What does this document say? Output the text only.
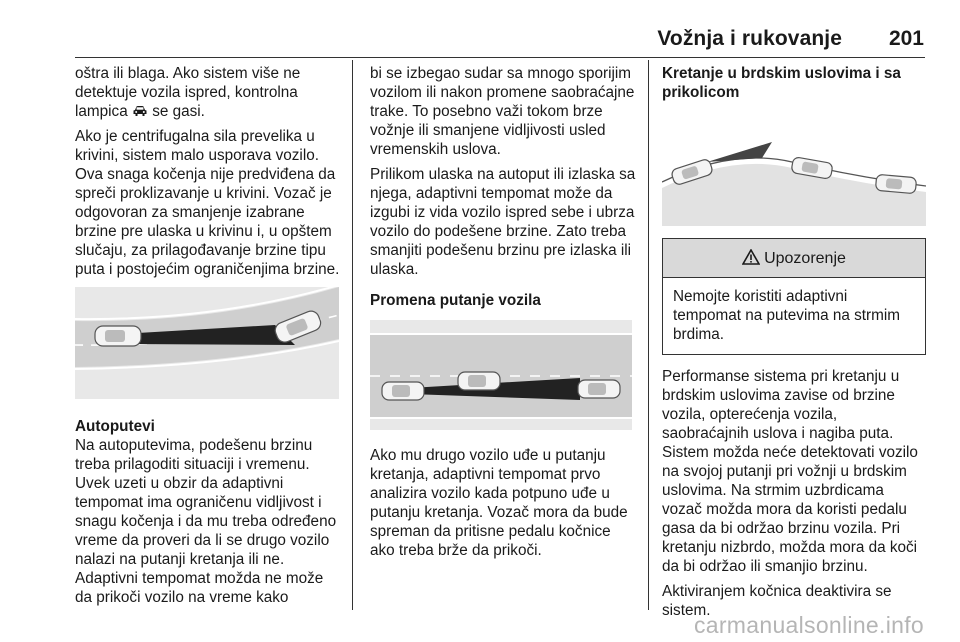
Vožnja i rukovanje 201

oštra ili blaga. Ako sistem više ne detektuje vozila ispred, kontrolna lampica  se gasi.

Ako je centrifugalna sila prevelika u krivini, sistem malo usporava vozilo. Ova snaga kočenja nije predviđena da spreči proklizavanje u krivini. Vozač je odgovoran za smanjenje izabrane brzine pre ulaska u krivinu i, u opštem slučaju, za prilagođavanje brzine tipu puta i postojećim ograničenjima brzine.

Autoputevi

Na autoputevima, podešenu brzinu treba prilagoditi situaciji i vremenu. Uvek uzeti u obzir da adaptivni tempomat ima ograničenu vidljivost i snagu kočenja i da mu treba određeno vreme da proveri da li se drugo vozilo nalazi na putanji kretanja ili ne. Adaptivni tempomat možda ne može da prikoči vozilo na vreme kako

bi se izbegao sudar sa mnogo sporijim vozilom ili nakon promene saobraćajne trake. To posebno važi tokom brze vožnje ili smanjene vidljivosti usled vremenskih uslova.

Prilikom ulaska na autoput ili izlaska sa njega, adaptivni tempomat može da izgubi iz vida vozilo ispred sebe i ubrza vozilo do podešene brzine. Zato treba smanjiti podešenu brzinu pre izlaska ili ulaska.

Promena putanje vozila

Ako mu drugo vozilo uđe u putanju kretanja, adaptivni tempomat prvo analizira vozilo kada potpuno uđe u putanju kretanja. Vozač mora da bude spreman da pritisne pedalu kočnice ako treba brže da prikoči.

Kretanje u brdskim uslovima i sa prikolicom
Upozorenje
Nemojte koristiti adaptivni tempomat na putevima na strmim brdima.

Performanse sistema pri kretanju u brdskim uslovima zavise od brzine vozila, opterećenja vozila, saobraćajnih uslova i nagiba puta. Sistem možda neće detektovati vozilo na svojoj putanji pri vožnji u brdskim uslovima. Na strmim uzbrdicama vozač možda mora da koristi pedalu gasa da bi održao brzinu vozila. Pri kretanju nizbrdo, možda mora da koči da bi održao ili smanjio brzinu.

Aktiviranjem kočnica deaktivira se sistem.

carmanualsonline.info
